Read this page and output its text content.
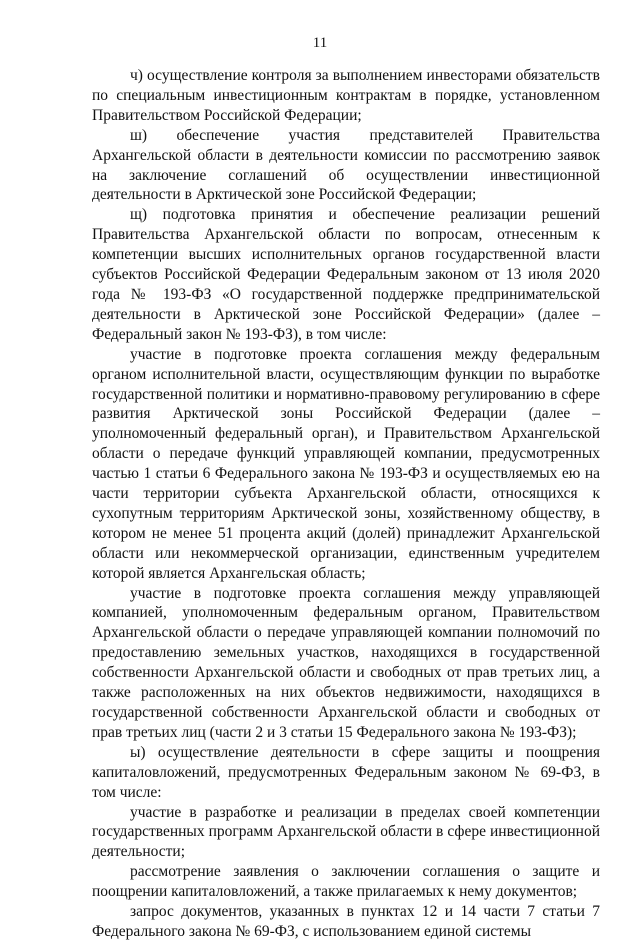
11

ч) осуществление контроля за выполнением инвесторами обязательств по специальным инвестиционным контрактам в порядке, установленном Правительством Российской Федерации;

ш) обеспечение участия представителей Правительства Архангельской области в деятельности комиссии по рассмотрению заявок на заключение соглашений об осуществлении инвестиционной деятельности в Арктической зоне Российской Федерации;

щ) подготовка принятия и обеспечение реализации решений Правительства Архангельской области по вопросам, отнесенным к компетенции высших исполнительных органов государственной власти субъектов Российской Федерации Федеральным законом от 13 июля 2020 года № 193-ФЗ «О государственной поддержке предпринимательской деятельности в Арктической зоне Российской Федерации» (далее – Федеральный закон № 193-ФЗ), в том числе:

участие в подготовке проекта соглашения между федеральным органом исполнительной власти, осуществляющим функции по выработке государственной политики и нормативно-правовому регулированию в сфере развития Арктической зоны Российской Федерации (далее – уполномоченный федеральный орган), и Правительством Архангельской области о передаче функций управляющей компании, предусмотренных частью 1 статьи 6 Федерального закона № 193-ФЗ и осуществляемых ею на части территории субъекта Архангельской области, относящихся к сухопутным территориям Арктической зоны, хозяйственному обществу, в котором не менее 51 процента акций (долей) принадлежит Архангельской области или некоммерческой организации, единственным учредителем которой является Архангельская область;

участие в подготовке проекта соглашения между управляющей компанией, уполномоченным федеральным органом, Правительством Архангельской области о передаче управляющей компании полномочий по предоставлению земельных участков, находящихся в государственной собственности Архангельской области и свободных от прав третьих лиц, а также расположенных на них объектов недвижимости, находящихся в государственной собственности Архангельской области и свободных от прав третьих лиц (части 2 и 3 статьи 15 Федерального закона № 193-ФЗ);

ы) осуществление деятельности в сфере защиты и поощрения капиталовложений, предусмотренных Федеральным законом № 69-ФЗ, в том числе:

участие в разработке и реализации в пределах своей компетенции государственных программ Архангельской области в сфере инвестиционной деятельности;

рассмотрение заявления о заключении соглашения о защите и поощрении капиталовложений, а также прилагаемых к нему документов;

запрос документов, указанных в пунктах 12 и 14 части 7 статьи 7 Федерального закона № 69-ФЗ, с использованием единой системы
